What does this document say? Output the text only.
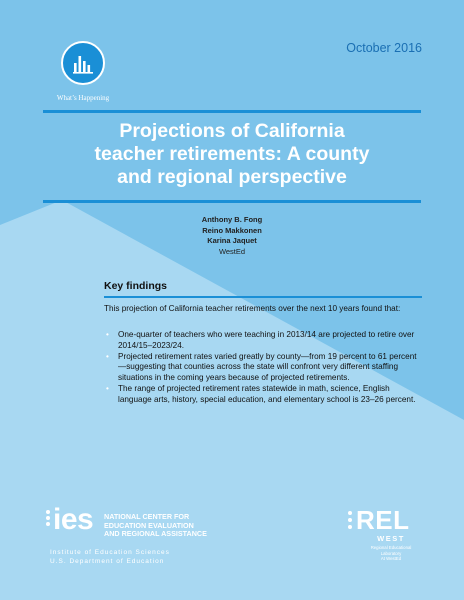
What’s Happening
October 2016
Projections of California
teacher retirements: A county
and regional perspective
Anthony B. Fong
Reino Makkonen
Karina Jaquet
WestEd
Key findings
This projection of California teacher retirements over the next 10 years found that:
• One-quarter of teachers who were teaching in 2013/14 are projected to retire over 2014/15–2023/24.
• Projected retirement rates varied greatly by county—from 19 percent to 61 percent—suggesting that counties across the state will confront very different staffing situations in the coming years because of projected retirements.
• The range of projected retirement rates statewide in math, science, English language arts, history, special education, and elementary school is 23–26 percent.
ies NATIONAL CENTER FOR
EDUCATION EVALUATION
AND REGIONAL ASSISTANCE
Institute of Education Sciences
U.S. Department of Education
REL
WEST
Regional Educational Laboratory
At WestEd
